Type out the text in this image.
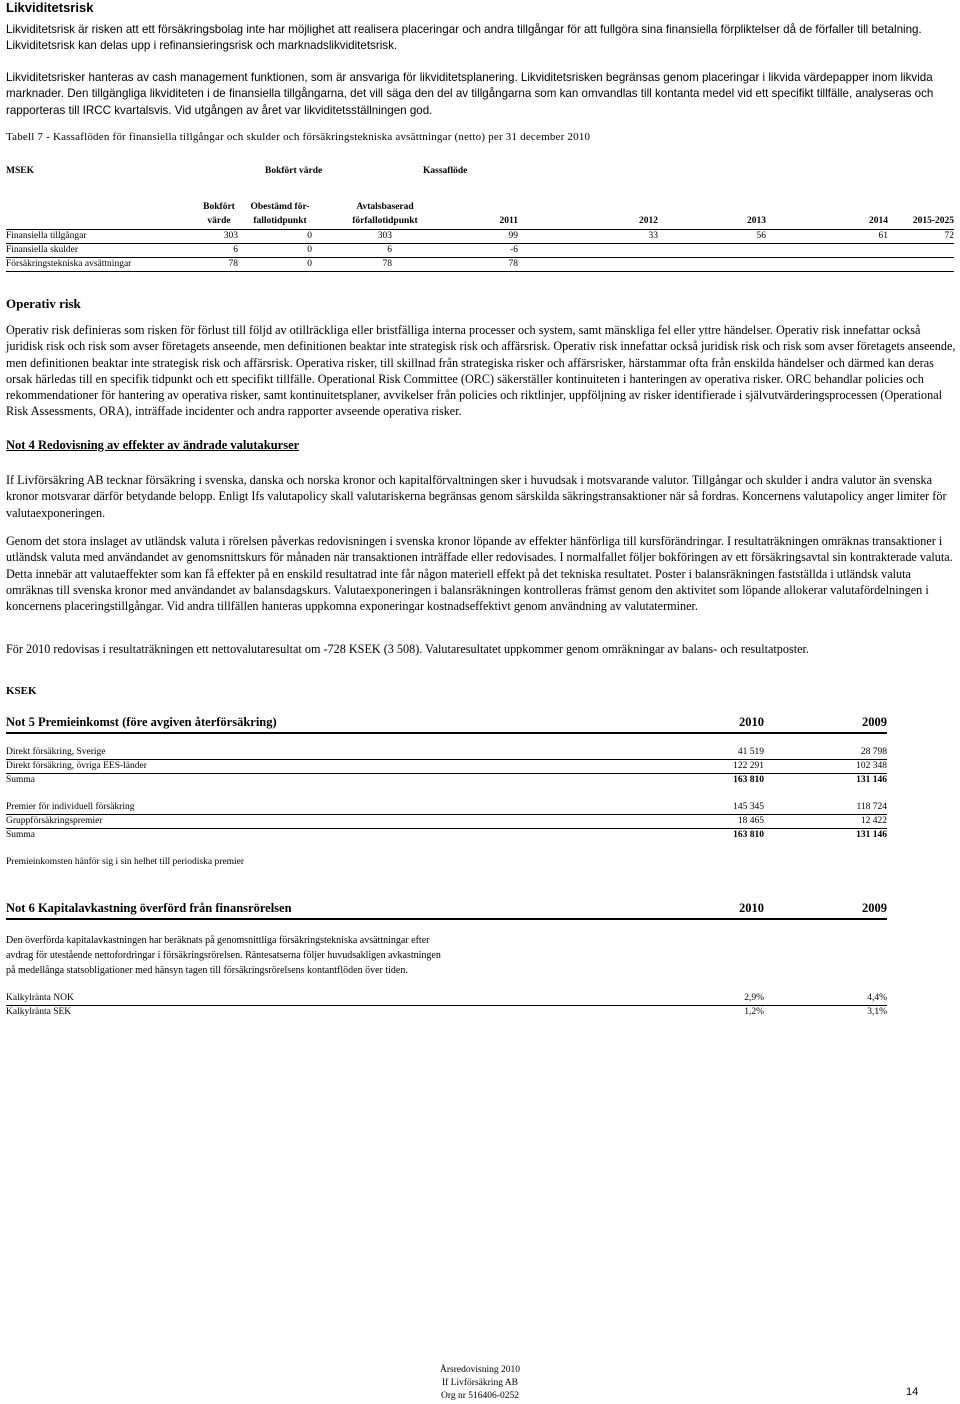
Likviditetsrisk
Likviditetsrisk är risken att ett försäkringsbolag inte har möjlighet att realisera placeringar och andra tillgångar för att fullgöra sina finansiella förpliktelser då de förfaller till betalning. Likviditetsrisk kan delas upp i refinansieringsrisk och marknadslikviditetsrisk.
Likviditetsrisker hanteras av cash management funktionen, som är ansvariga för likviditetsplanering. Likviditetsrisken begränsas genom placeringar i likvida värdepapper inom likvida marknader. Den tillgängliga likviditeten i de finansiella tillgångarna, det vill säga den del av tillgångarna som kan omvandlas till kontanta medel vid ett specifikt tillfälle, analyseras och rapporteras till IRCC kvartalsvis. Vid utgången av året var likviditetsställningen god.
Tabell 7 - Kassaflöden för finansiella tillgångar och skulder och försäkringstekniska avsättningar (netto) per 31 december 2010
MSEK	Bokfört värde	Kassaflöde
Bokfört
värde
Obestämd för-
fallotidpunkt
Avtalsbaserad
förfallotidpunkt	2011	2012	2013	2014	2015-2025
Finansiella tillgångar	303	0	303	99	33	56	61	72
Finansiella skulder	6	0	6	-6
Försäkringstekniska avsättningar	78	0	78	78
Operativ risk
Operativ risk definieras som risken för förlust till följd av otillräckliga eller bristfälliga interna processer och system, samt mänskliga fel eller yttre händelser. Operativ risk innefattar också juridisk risk och risk som avser företagets anseende, men definitionen beaktar inte strategisk risk och affärsrisk. Operativ risk innefattar också juridisk risk och risk som avser företagets anseende, men definitionen beaktar inte strategisk risk och affärsrisk. Operativa risker, till skillnad från strategiska risker och affärsrisker, härstammar ofta från enskilda händelser och därmed kan deras orsak härledas till en specifik tidpunkt och ett specifikt tillfälle. Operational Risk Committee (ORC) säkerställer kontinuiteten i hanteringen av operativa risker. ORC behandlar policies och rekommendationer för hantering av operativa risker, samt kontinuitetsplaner, avvikelser från policies och riktlinjer, uppföljning av risker identifierade i självutvärderingsprocessen (Operational Risk Assessments, ORA), inträffade incidenter och andra rapporter avseende operativa risker.
Not 4 Redovisning av effekter av ändrade valutakurser
If Livförsäkring AB tecknar försäkring i svenska, danska och norska kronor och kapitalförvaltningen sker i huvudsak i motsvarande valutor. Tillgångar och skulder i andra valutor än svenska kronor motsvarar därför betydande belopp. Enligt Ifs valutapolicy skall valutariskerna begränsas genom särskilda säkringstransaktioner när så fordras. Koncernens valutapolicy anger limiter för valutaexponeringen.
Genom det stora inslaget av utländsk valuta i rörelsen påverkas redovisningen i svenska kronor löpande av effekter hänförliga till kursförändringar. I resultaträkningen omräknas transaktioner i utländsk valuta med användandet av genomsnittskurs för månaden när transaktionen inträffade eller redovisades. I normalfallet följer bokföringen av ett försäkringsavtal sin kontrakterade valuta. Detta innebär att valutaeffekter som kan få effekter på en enskild resultatrad inte får någon materiell effekt på det tekniska resultatet. Poster i balansräkningen fastställda i utländsk valuta omräknas till svenska kronor med användandet av balansdagskurs. Valutaexponeringen i balansräkningen kontrolleras främst genom den aktivitet som löpande allokerar valutafördelningen i koncernens placeringstillgångar. Vid andra tillfällen hanteras uppkomna exponeringar kostnadseffektivt genom användning av valutaterminer.
För 2010 redovisas i resultaträkningen ett nettovalutaresultat om -728 KSEK (3 508). Valutaresultatet uppkommer genom omräkningar av balans- och resultatposter.
KSEK
Not 5 Premieinkomst (före avgiven återförsäkring)	2010	2009
Direkt försäkring, Sverige	41 519	28 798
Direkt försäkring, övriga EES-länder	122 291	102 348
Summa	163 810	131 146
Premier för individuell försäkring	145 345	118 724
Gruppförsäkringspremier	18 465	12 422
Summa	163 810	131 146
Premieinkomsten hänför sig i sin helhet till periodiska premier
Not 6 Kapitalavkastning överförd från finansrörelsen	2010	2009
Den överförda kapitalavkastningen har beräknats på genomsnittliga försäkringstekniska avsättningar efter
avdrag för utestående nettofordringar i försäkringsrörelsen. Räntesatserna följer huvudsakligen avkastningen
på medellånga statsobligationer med hänsyn tagen till försäkringsrörelsens kontantflöden över tiden.
Kalkylränta NOK	2,9%	4,4%
Kalkylränta SEK	1,2%	3,1%
Årsredovisning 2010
If Livförsäkring AB
Org nr 516406-0252	14
